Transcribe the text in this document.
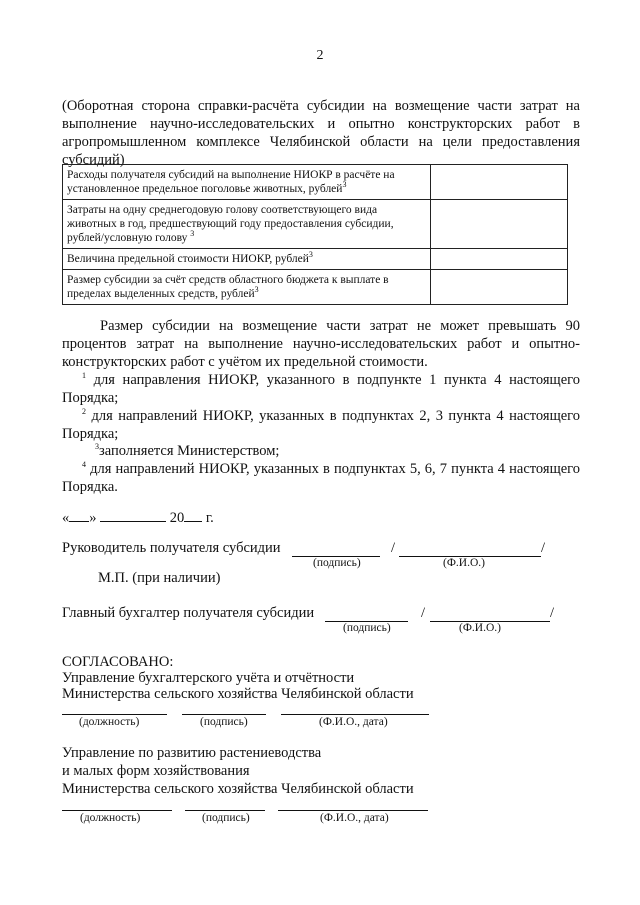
2
(Оборотная сторона справки-расчёта субсидии на возмещение части затрат на выполнение научно-исследовательских и опытно конструкторских работ в агропромышленном комплексе Челябинской области на цели предоставления субсидий)
Расходы получателя субсидий на выполнение НИОКР в расчёте на установленное предельное поголовье животных, рублей$^3$	
Затраты на одну среднегодовую голову соответствующего вида животных в год, предшествующий году предоставления субсидии, рублей/условную голову $^3$	
Величина предельной стоимости НИОКР, рублей$^3$	
Размер субсидии за счёт средств областного бюджета к выплате в пределах выделенных средств, рублей$^3$	
Размер субсидии на возмещение части затрат не может превышать 90 процентов затрат на выполнение научно-исследовательских работ и опытно-конструкторских работ с учётом их предельной стоимости.
$^1$ для направления НИОКР, указанного в подпункте 1 пункта 4 настоящего Порядка;
$^2$ для направлений НИОКР, указанных в подпунктах 2, 3 пункта 4 настоящего Порядка;
$^3$заполняется Министерством;
$^4$ для направлений НИОКР, указанных в подпунктах 5, 6, 7 пункта 4 настоящего Порядка.
« »	20 г.
Руководитель получателя субсидии	/	/
(подпись)	(Ф.И.О.)
М.П. (при наличии)
Главный бухгалтер получателя субсидии	/	/
(подпись)	(Ф.И.О.)
СОГЛАСОВАНО:
Управление бухгалтерского учёта и отчётности
Министерства сельского хозяйства Челябинской области
(должность)	(подпись)	(Ф.И.О., дата)
Управление по развитию растениеводства
и малых форм хозяйствования
Министерства сельского хозяйства Челябинской области
(должность)	(подпись)	(Ф.И.О., дата)
